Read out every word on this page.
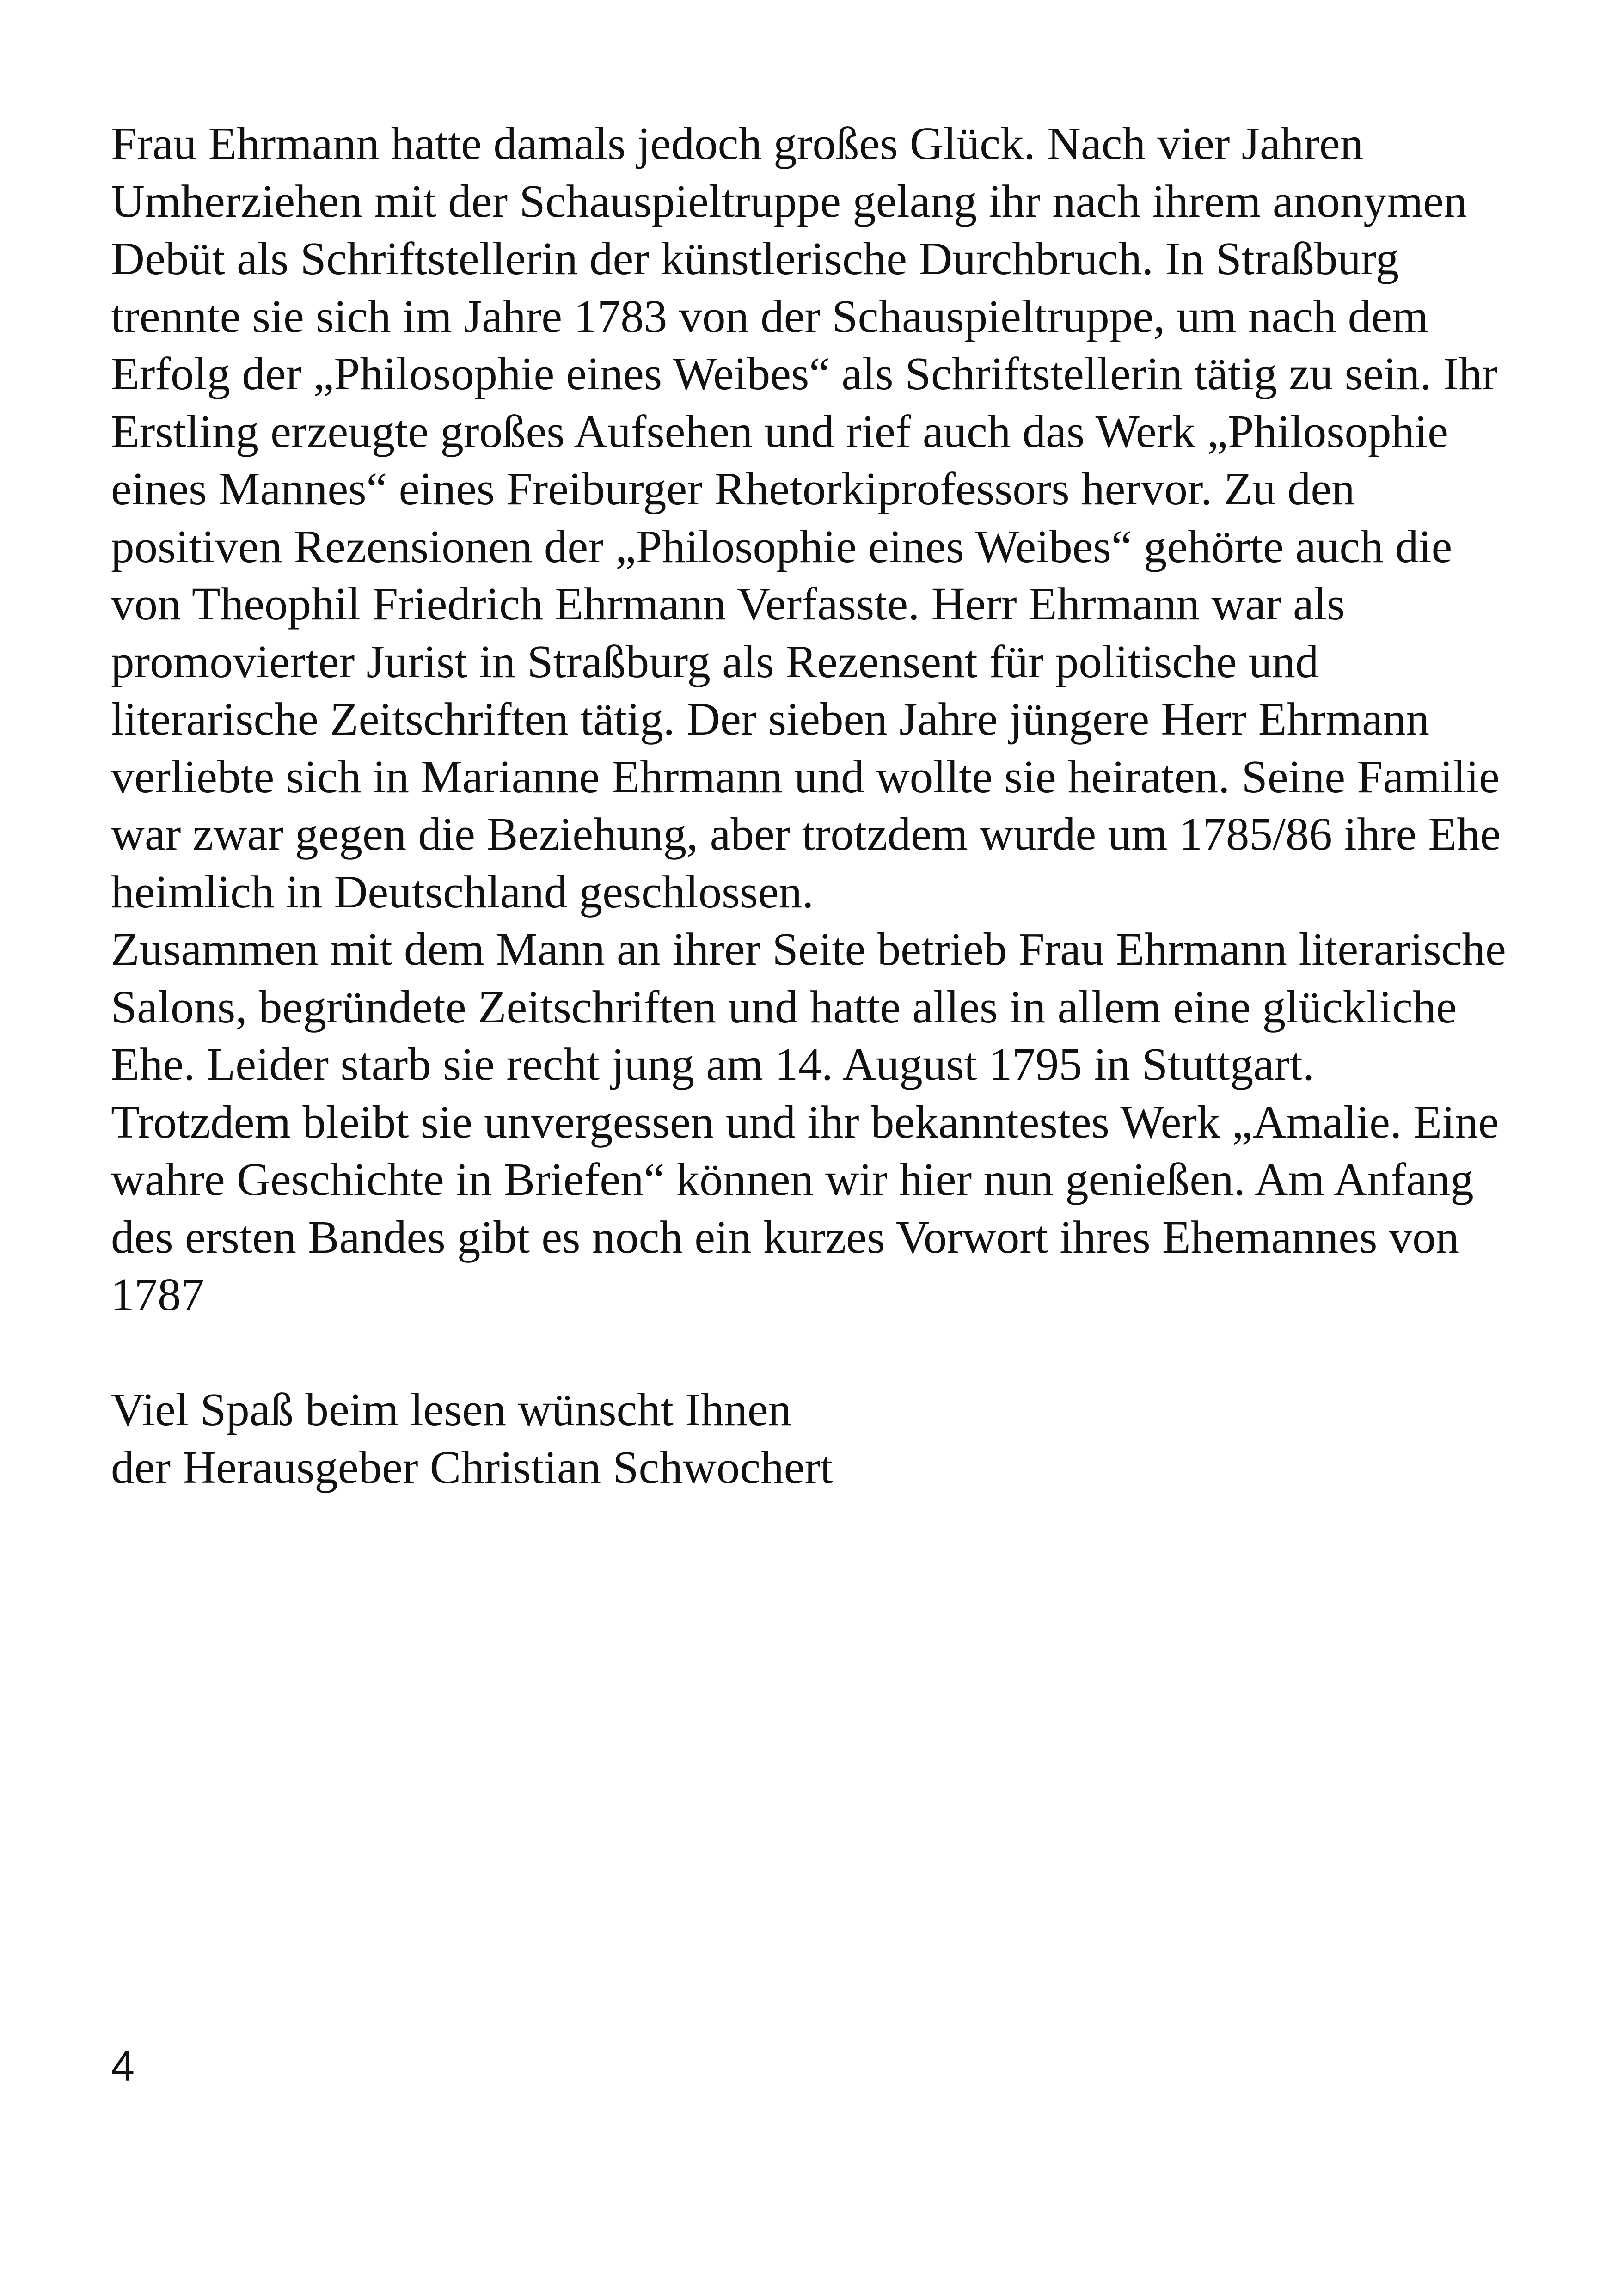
Frau Ehrmann hatte damals jedoch großes Glück. Nach vier Jahren
Umherziehen mit der Schauspieltruppe gelang ihr nach ihrem anonymen
Debüt als Schriftstellerin der künstlerische Durchbruch. In Straßburg
trennte sie sich im Jahre 1783 von der Schauspieltruppe, um nach dem
Erfolg der „Philosophie eines Weibes“ als Schriftstellerin tätig zu sein. Ihr
Erstling erzeugte großes Aufsehen und rief auch das Werk „Philosophie
eines Mannes“ eines Freiburger Rhetorkiprofessors hervor. Zu den
positiven Rezensionen der „Philosophie eines Weibes“ gehörte auch die
von Theophil Friedrich Ehrmann Verfasste. Herr Ehrmann war als
promovierter Jurist in Straßburg als Rezensent für politische und
literarische Zeitschriften tätig. Der sieben Jahre jüngere Herr Ehrmann
verliebte sich in Marianne Ehrmann und wollte sie heiraten. Seine Familie
war zwar gegen die Beziehung, aber trotzdem wurde um 1785/86 ihre Ehe
heimlich in Deutschland geschlossen.
Zusammen mit dem Mann an ihrer Seite betrieb Frau Ehrmann literarische
Salons, begründete Zeitschriften und hatte alles in allem eine glückliche
Ehe. Leider starb sie recht jung am 14. August 1795 in Stuttgart.
Trotzdem bleibt sie unvergessen und ihr bekanntestes Werk „Amalie. Eine
wahre Geschichte in Briefen“ können wir hier nun genießen. Am Anfang
des ersten Bandes gibt es noch ein kurzes Vorwort ihres Ehemannes von
1787
Viel Spaß beim lesen wünscht Ihnen
der Herausgeber Christian Schwochert
4
